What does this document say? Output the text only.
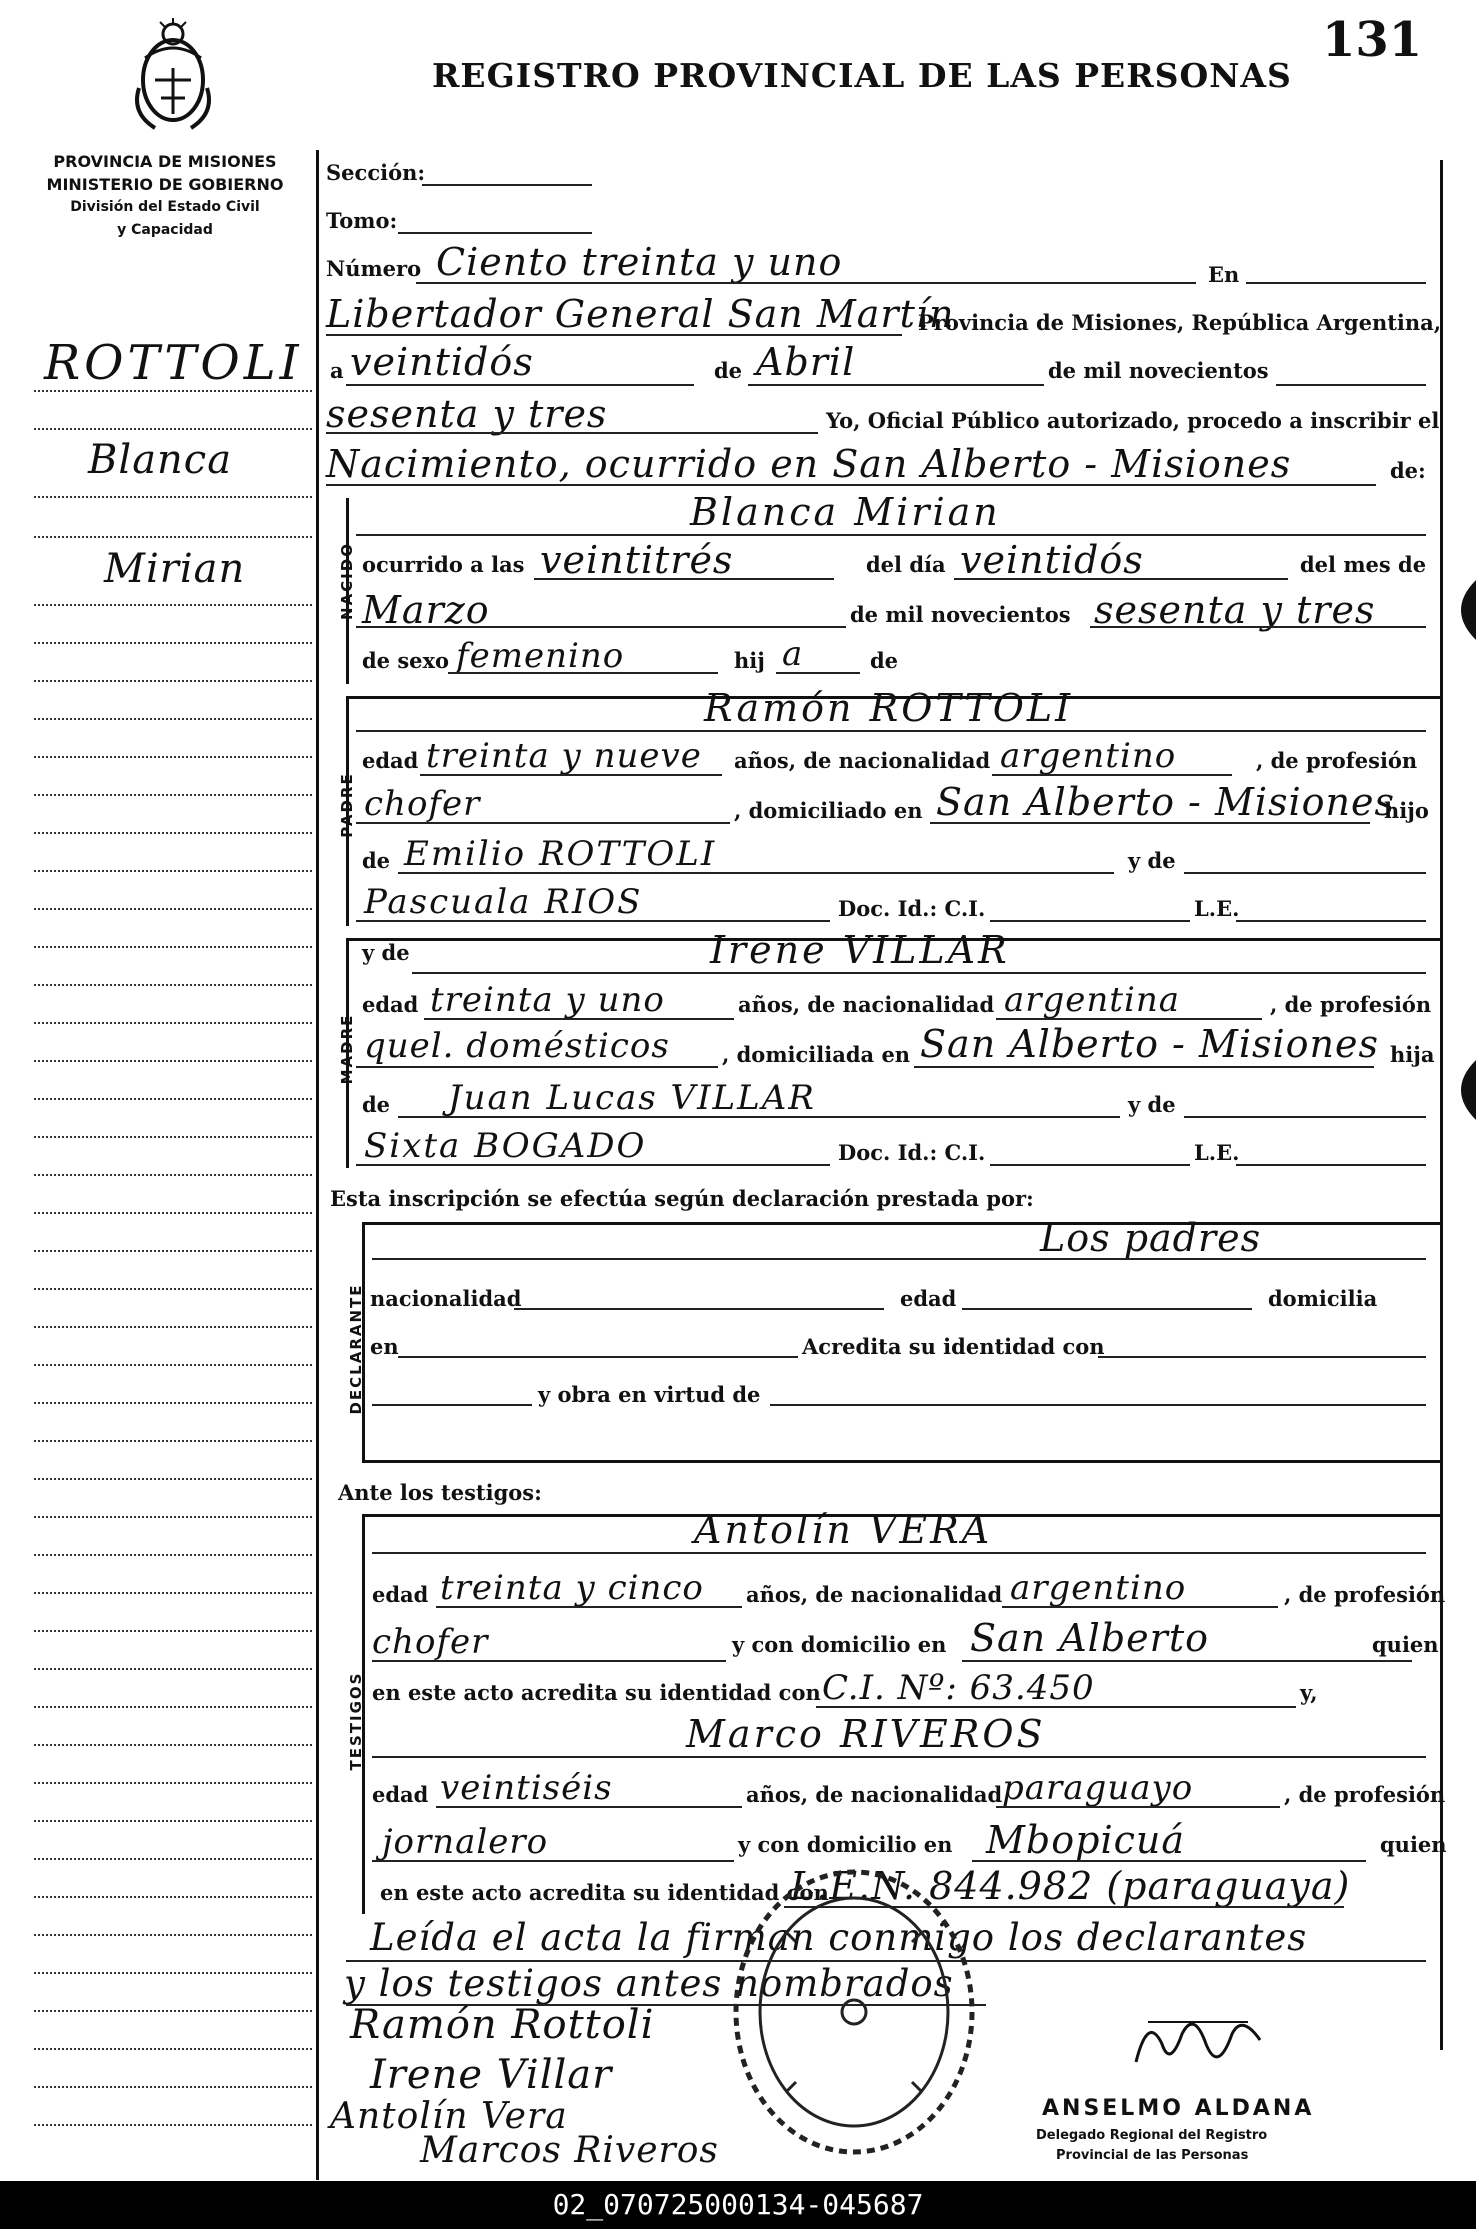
REGISTRO PROVINCIAL DE LAS PERSONAS
131
PROVINCIA DE MISIONES
MINISTERIO DE GOBIERNO
División del Estado Civil
y Capacidad
ROTTOLI
Blanca
Mirian
Sección:
Tomo:
Número Ciento treinta y uno	En
Libertador General San Martín
Provincia de Misiones, República Argentina,
a veintidós	de Abril	de mil novecientos
sesenta y tres	Yo, Oficial Público autorizado, procedo a inscribir el
Nacimiento, ocurrido en San Alberto - Misiones	de:
NACIDO
Blanca Mirian
ocurrido a las veintitrés	del día veintidós	del mes de
Marzo	de mil novecientos sesenta y tres
de sexo femenino	hij a	de
PADRE
Ramón ROTTOLI
edad treinta y nueve años, de nacionalidad argentino	, de profesión
chofer	, domiciliado en San Alberto - Misiones
hijo
de Emilio ROTTOLI	y de
Pascuala RIOS	Doc. Id.: C.I.	L.E.
MADRE
y de	Irene VILLAR
edad treinta y uno	años, de nacionalidad argentina	, de profesión
quel. domésticos , domiciliada en San Alberto - Misiones hija
de Juan Lucas VILLAR	y de
Sixta BOGADO	Doc. Id.: C.I.	L.E.
Esta inscripción se efectúa según declaración prestada por:
DECLARANTE
Los padres
nacionalidad	edad	domicilia
en	Acredita su identidad con
y obra en virtud de
Ante los testigos:
TESTIGOS
Antolín VERA
edad treinta y cinco años, de nacionalidad argentino	, de profesión
chofer	y con domicilio en San Alberto	quien
en este acto acredita su identidad con C.I. Nº: 63.450	y,
Marco RIVEROS
edad veintiséis	años, de nacionalidad paraguayo	, de profesión
jornalero	y con domicilio en Mbopicuá	quien
en este acto acredita su identidad con
L.E.N. 844.982 (paraguaya)
Leída el acta la firman conmigo los declarantes
y los testigos antes nombrados
Ramón Rottoli
Irene Villar
Antolín Vera
Marcos Riveros
ANSELMO ALDANA
Delegado Regional del Registro
Provincial de las Personas
02_070725000134-045687
